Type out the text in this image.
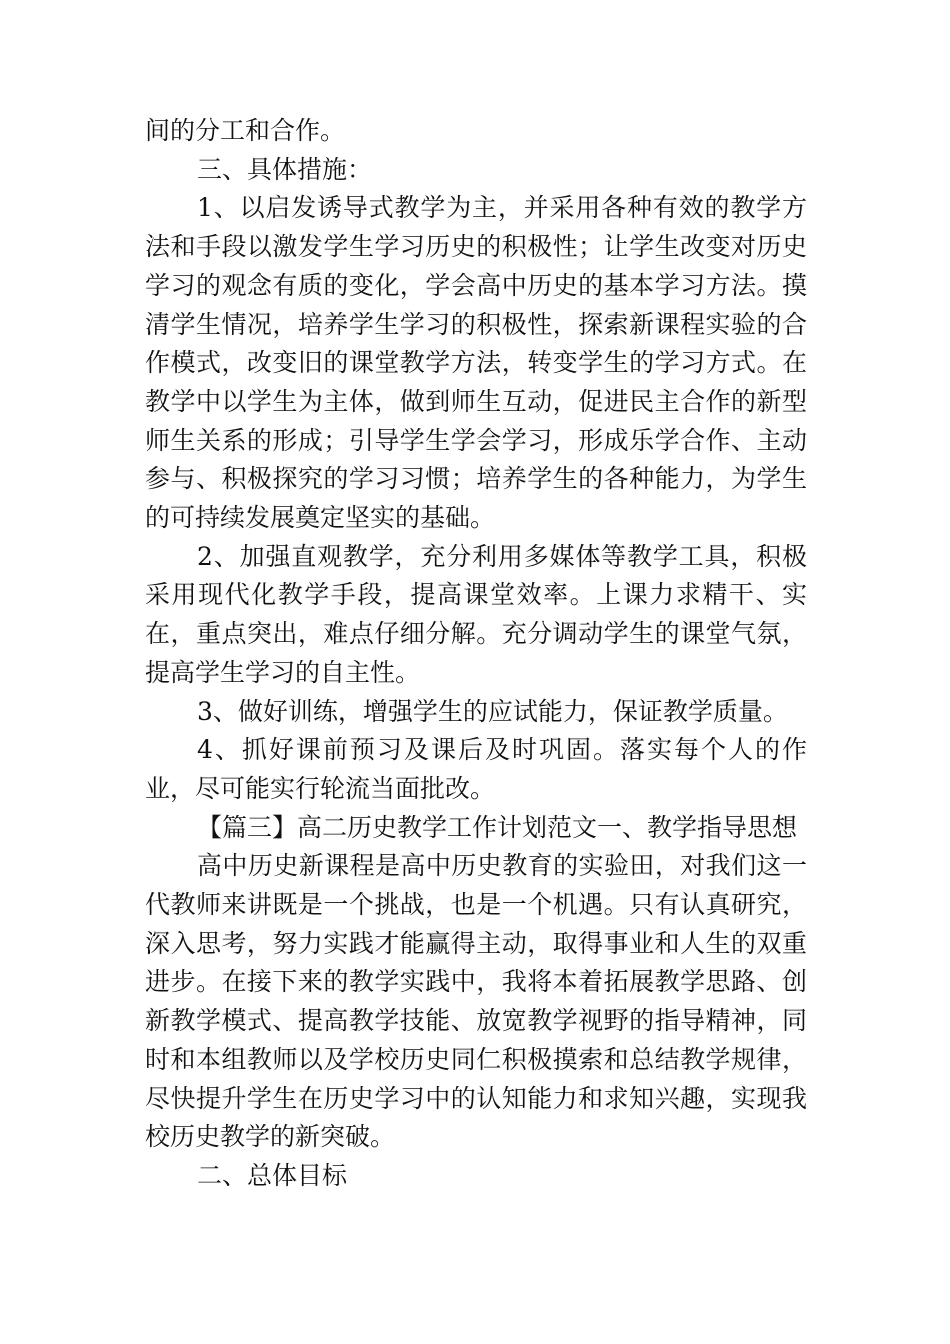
间的分工和合作。

三、具体措施：

1、以启发诱导式教学为主，并采用各种有效的教学方法和手段以激发学生学习历史的积极性；让学生改变对历史学习的观念有质的变化，学会高中历史的基本学习方法。摸清学生情况，培养学生学习的积极性，探索新课程实验的合作模式，改变旧的课堂教学方法，转变学生的学习方式。在教学中以学生为主体，做到师生互动，促进民主合作的新型师生关系的形成；引导学生学会学习，形成乐学合作、主动参与、积极探究的学习习惯；培养学生的各种能力，为学生的可持续发展奠定坚实的基础。

2、加强直观教学，充分利用多媒体等教学工具，积极采用现代化教学手段，提高课堂效率。上课力求精干、实在，重点突出，难点仔细分解。充分调动学生的课堂气氛，提高学生学习的自主性。

3、做好训练，增强学生的应试能力，保证教学质量。

4、抓好课前预习及课后及时巩固。落实每个人的作业，尽可能实行轮流当面批改。

【篇三】高二历史教学工作计划范文一、教学指导思想

高中历史新课程是高中历史教育的实验田，对我们这一代教师来讲既是一个挑战，也是一个机遇。只有认真研究，深入思考，努力实践才能赢得主动，取得事业和人生的双重进步。在接下来的教学实践中，我将本着拓展教学思路、创新教学模式、提高教学技能、放宽教学视野的指导精神，同时和本组教师以及学校历史同仁积极摸索和总结教学规律，尽快提升学生在历史学习中的认知能力和求知兴趣，实现我校历史教学的新突破。

二、总体目标
